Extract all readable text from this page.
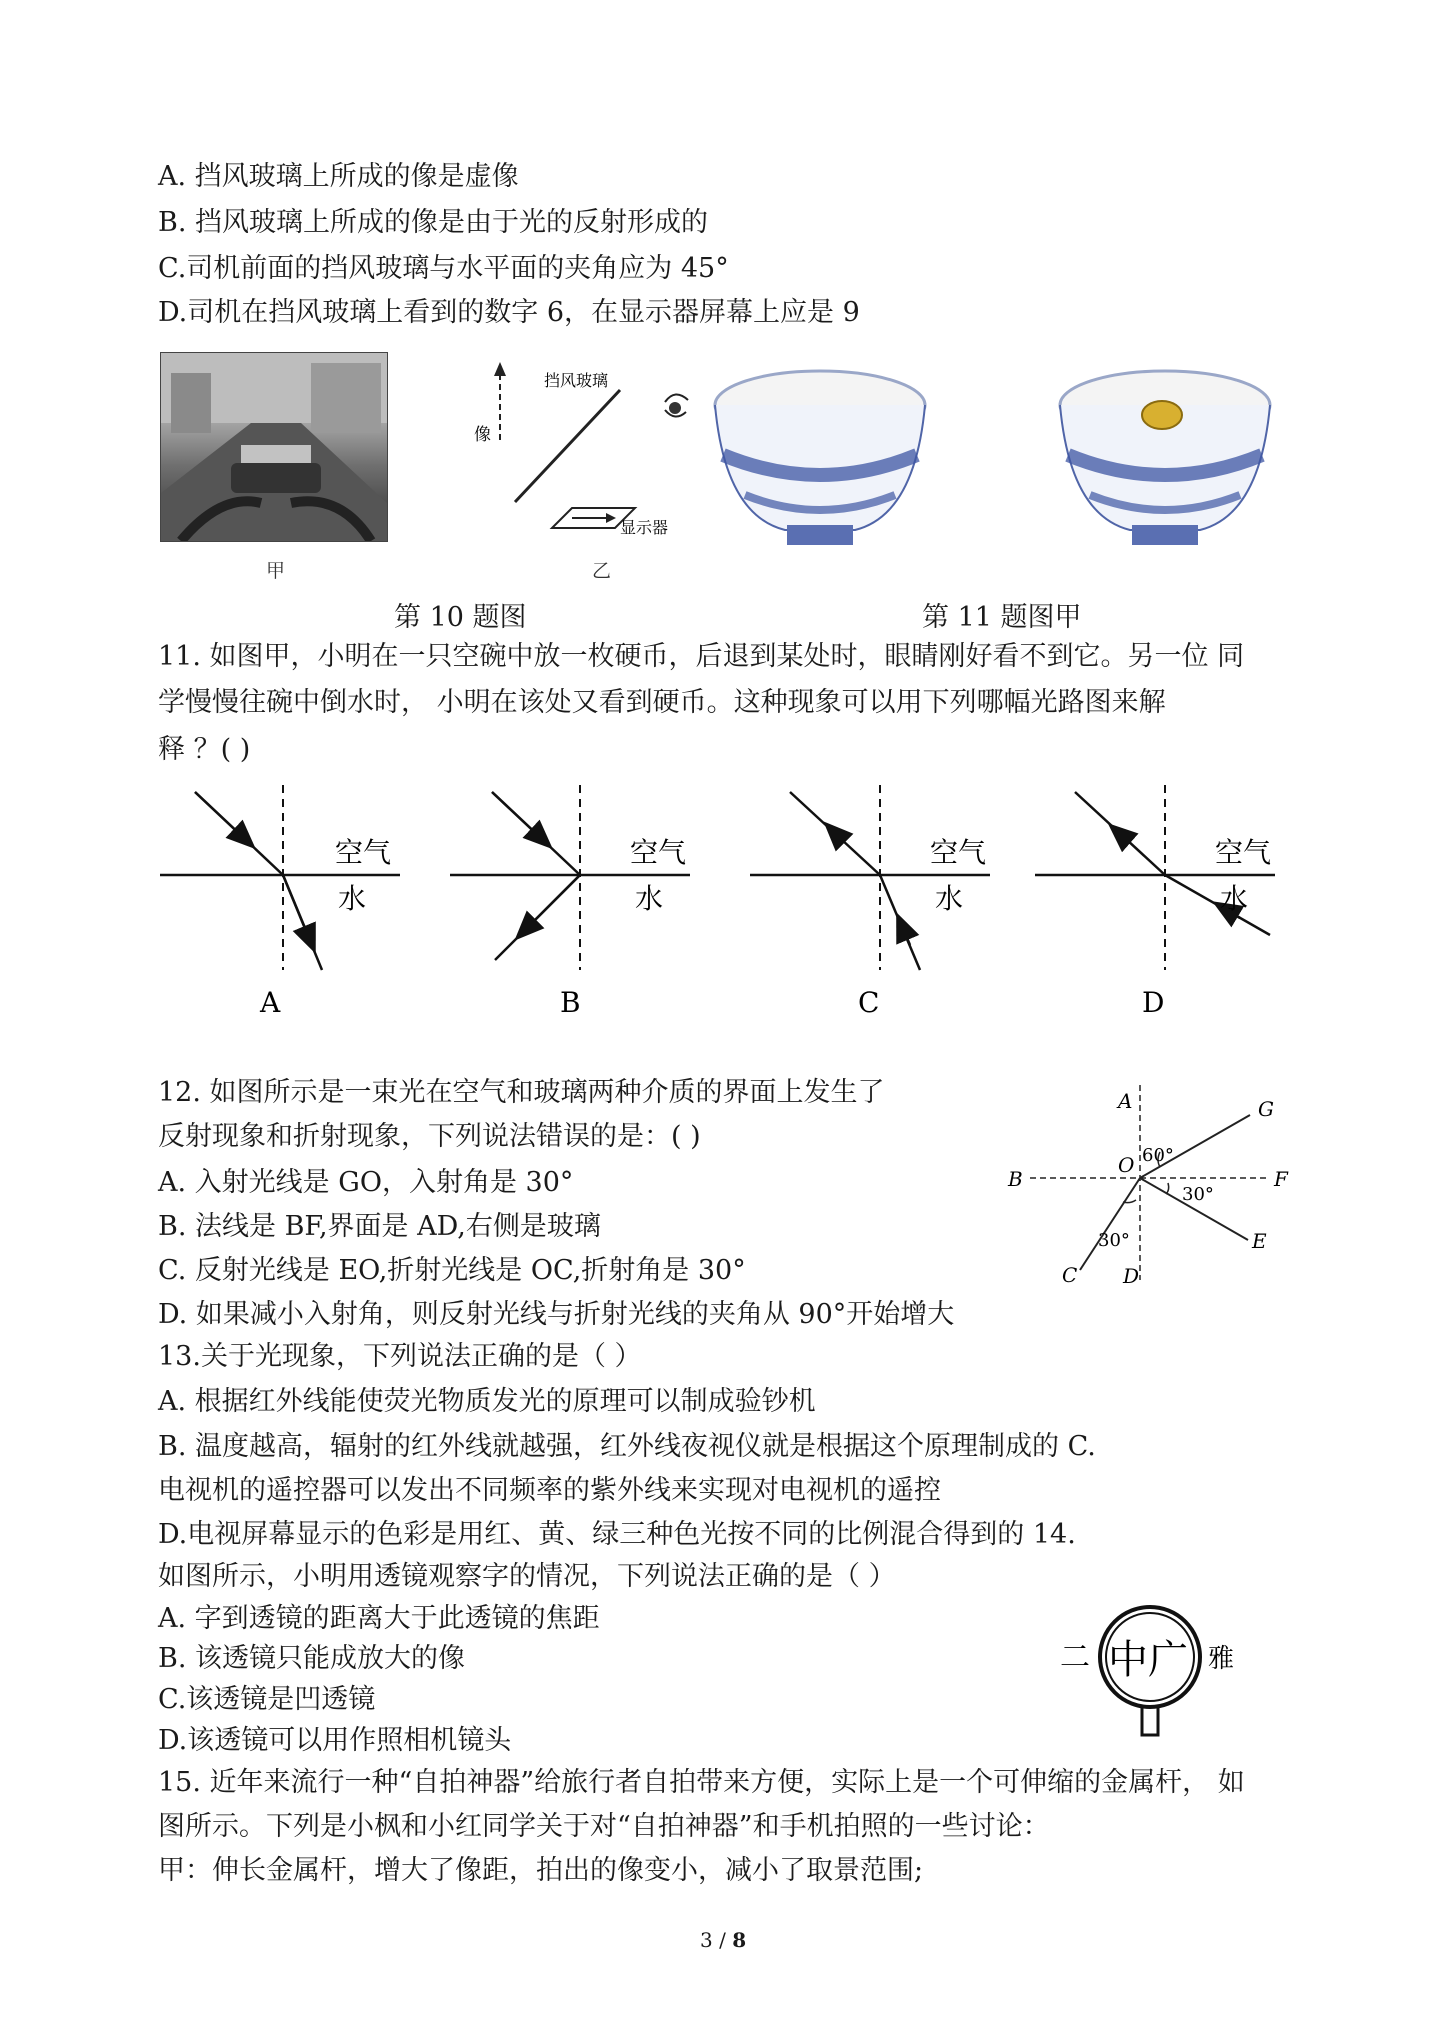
A. 挡风玻璃上所成的像是虚像
B. 挡风玻璃上所成的像是由于光的反射形成的
C.司机前面的挡风玻璃与水平面的夹角应为 45°
D.司机在挡风玻璃上看到的数字 6，在显示器屏幕上应是 9
甲
像
挡风玻璃
显示器
乙
第 10 题图	第 11 题图甲
11. 如图甲，小明在一只空碗中放一枚硬币，后退到某处时，眼睛刚好看不到它。另一位 同
学慢慢往碗中倒水时， 小明在该处又看到硬币。这种现象可以用下列哪幅光路图来解
释 ？( )
空气
水
A
空气
水
B
空气
水
C
空气
水
D
12. 如图所示是一束光在空气和玻璃两种介质的界面上发生了
反射现象和折射现象，下列说法错误的是：( )
A. 入射光线是 GO，入射角是 30°
B. 法线是 BF,界面是 AD,右侧是玻璃
C. 反射光线是 EO,折射光线是 OC,折射角是 30°
D. 如果减小入射角，则反射光线与折射光线的夹角从 90°开始增大
A
B
C D
E
F
G
O 60°
30°
30°
13.关于光现象，下列说法正确的是（ ）
A. 根据红外线能使荧光物质发光的原理可以制成验钞机
B. 温度越高，辐射的红外线就越强，红外线夜视仪就是根据这个原理制成的 C.
电视机的遥控器可以发出不同频率的紫外线来实现对电视机的遥控
D.电视屏幕显示的色彩是用红、黄、绿三种色光按不同的比例混合得到的 14.
如图所示，小明用透镜观察字的情况，下列说法正确的是（ ）
A. 字到透镜的距离大于此透镜的焦距
B. 该透镜只能成放大的像
C.该透镜是凹透镜
D.该透镜可以用作照相机镜头
二 中广 雅
15. 近年来流行一种“自拍神器”给旅行者自拍带来方便，实际上是一个可伸缩的金属杆， 如
图所示。下列是小枫和小红同学关于对“自拍神器”和手机拍照的一些讨论：
甲：伸长金属杆，增大了像距，拍出的像变小，减小了取景范围;
3 / 8
